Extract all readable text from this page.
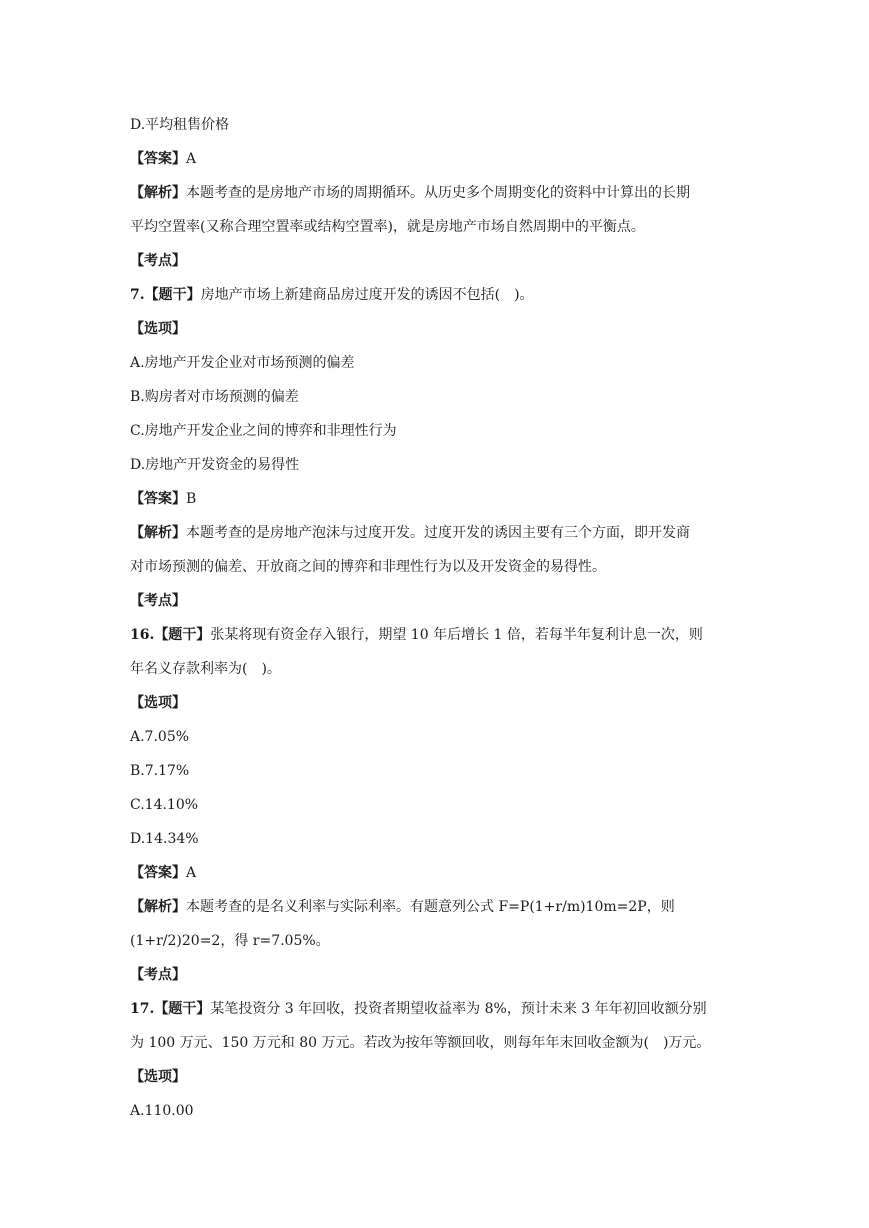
D.平均租售价格
【答案】A
【解析】本题考查的是房地产市场的周期循环。从历史多个周期变化的资料中计算出的长期
平均空置率(又称合理空置率或结构空置率)，就是房地产市场自然周期中的平衡点。
【考点】
7.【题干】房地产市场上新建商品房过度开发的诱因不包括(　)。
【选项】
A.房地产开发企业对市场预测的偏差
B.购房者对市场预测的偏差
C.房地产开发企业之间的博弈和非理性行为
D.房地产开发资金的易得性
【答案】B
【解析】本题考查的是房地产泡沫与过度开发。过度开发的诱因主要有三个方面，即开发商
对市场预测的偏差、开放商之间的博弈和非理性行为以及开发资金的易得性。
【考点】
16.【题干】张某将现有资金存入银行，期望 10 年后增长 1 倍，若每半年复利计息一次，则
年名义存款利率为(　)。
【选项】
A.7.05%
B.7.17%
C.14.10%
D.14.34%
【答案】A
【解析】本题考查的是名义利率与实际利率。有题意列公式 F=P(1+r/m)10m=2P，则
(1+r/2)20=2，得 r=7.05%。
【考点】
17.【题干】某笔投资分 3 年回收，投资者期望收益率为 8%，预计未来 3 年年初回收额分别
为 100 万元、150 万元和 80 万元。若改为按年等额回收，则每年年末回收金额为(　)万元。
【选项】
A.110.00
